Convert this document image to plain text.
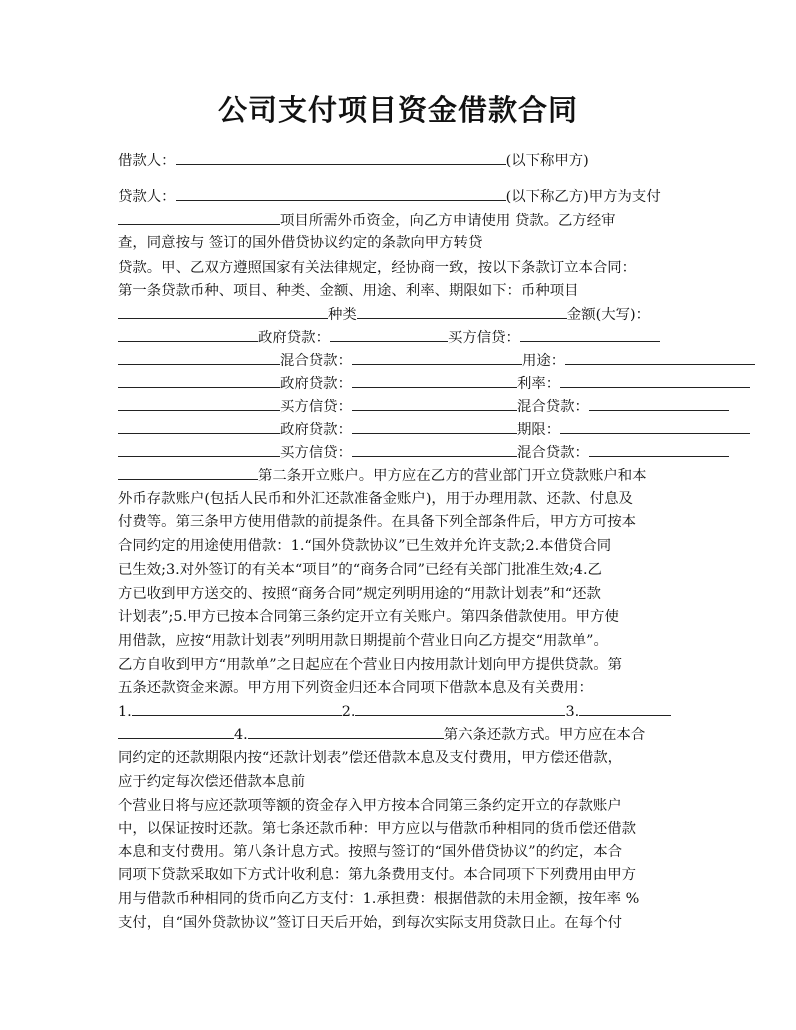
公司支付项目资金借款合同
借款人：	(以下称甲方)
贷款人：	(以下称乙方)甲方为支付
项目所需外币资金，向乙方申请使用 贷款。乙方经审
查，同意按与 签订的国外借贷协议约定的条款向甲方转贷
贷款。甲、乙双方遵照国家有关法律规定，经协商一致，按以下条款订立本合同：
第一条贷款币种、项目、种类、金额、用途、利率、期限如下：币种项目
种类	金额(大写)：
政府贷款：	买方信贷：
混合贷款：	用途：
政府贷款：	利率：
买方信贷：	混合贷款：
政府贷款：	期限：
买方信贷：	混合贷款：
第二条开立账户。甲方应在乙方的营业部门开立贷款账户和本
外币存款账户(包括人民币和外汇还款准备金账户)，用于办理用款、还款、付息及
付费等。第三条甲方使用借款的前提条件。在具备下列全部条件后，甲方方可按本
合同约定的用途使用借款：1.“国外贷款协议”已生效并允许支款;2.本借贷合同
已生效;3.对外签订的有关本“项目”的“商务合同”已经有关部门批准生效;4.乙
方已收到甲方送交的、按照“商务合同”规定列明用途的“用款计划表”和“还款
计划表”;5.甲方已按本合同第三条约定开立有关账户。第四条借款使用。甲方使
用借款，应按“用款计划表”列明用款日期提前个营业日向乙方提交“用款单”。
乙方自收到甲方“用款单”之日起应在个营业日内按用款计划向甲方提供贷款。第
五条还款资金来源。甲方用下列资金归还本合同项下借款本息及有关费用：
1.	2.	3.
4.	第六条还款方式。甲方应在本合
同约定的还款期限内按“还款计划表”偿还借款本息及支付费用，甲方偿还借款，
应于约定每次偿还借款本息前
个营业日将与应还款项等额的资金存入甲方按本合同第三条约定开立的存款账户
中，以保证按时还款。第七条还款币种：甲方应以与借款币种相同的货币偿还借款
本息和支付费用。第八条计息方式。按照与签订的“国外借贷协议”的约定，本合
同项下贷款采取如下方式计收利息：第九条费用支付。本合同项下下列费用由甲方
用与借款币种相同的货币向乙方支付：1.承担费：根据借款的未用金额，按年率 %
支付，自“国外贷款协议”签订日天后开始，到每次实际支用贷款日止。在每个付
